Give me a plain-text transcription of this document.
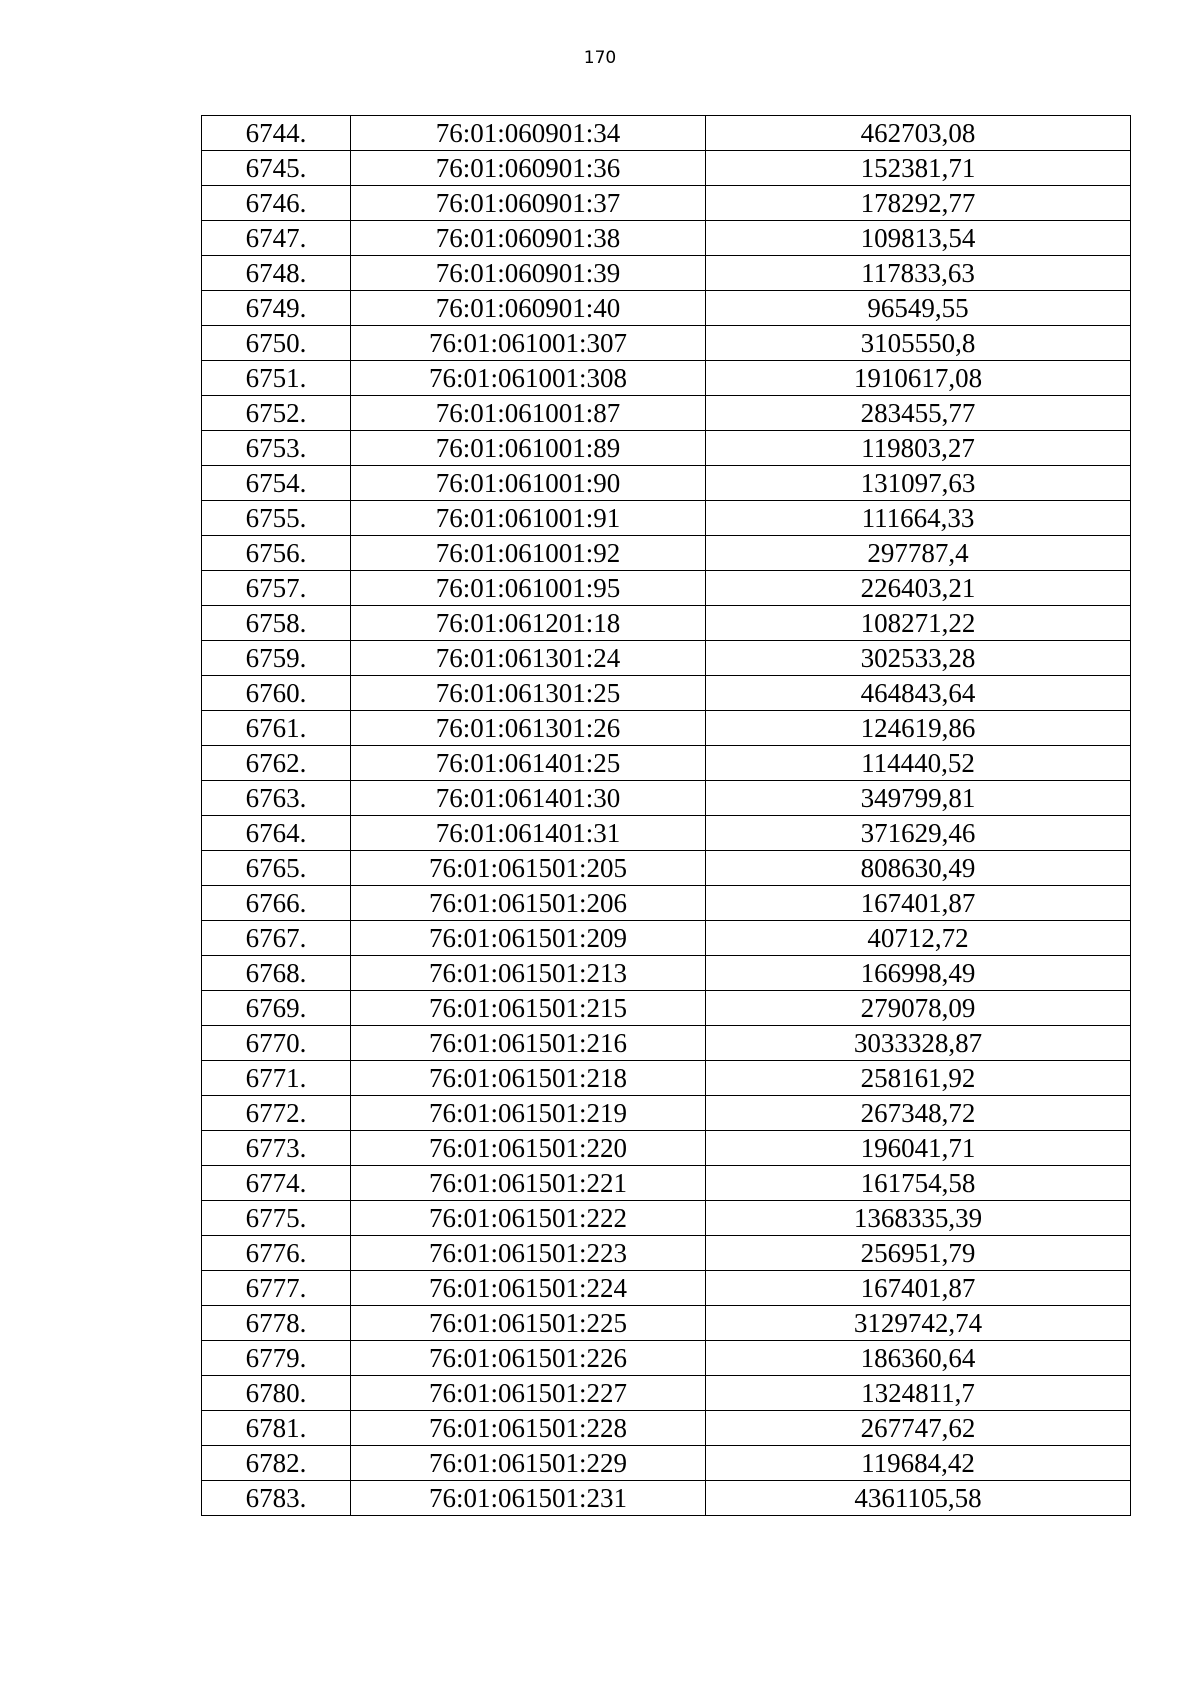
170
6744.	76:01:060901:34	462703,08
6745.	76:01:060901:36	152381,71
6746.	76:01:060901:37	178292,77
6747.	76:01:060901:38	109813,54
6748.	76:01:060901:39	117833,63
6749.	76:01:060901:40	96549,55
6750.	76:01:061001:307	3105550,8
6751.	76:01:061001:308	1910617,08
6752.	76:01:061001:87	283455,77
6753.	76:01:061001:89	119803,27
6754.	76:01:061001:90	131097,63
6755.	76:01:061001:91	111664,33
6756.	76:01:061001:92	297787,4
6757.	76:01:061001:95	226403,21
6758.	76:01:061201:18	108271,22
6759.	76:01:061301:24	302533,28
6760.	76:01:061301:25	464843,64
6761.	76:01:061301:26	124619,86
6762.	76:01:061401:25	114440,52
6763.	76:01:061401:30	349799,81
6764.	76:01:061401:31	371629,46
6765.	76:01:061501:205	808630,49
6766.	76:01:061501:206	167401,87
6767.	76:01:061501:209	40712,72
6768.	76:01:061501:213	166998,49
6769.	76:01:061501:215	279078,09
6770.	76:01:061501:216	3033328,87
6771.	76:01:061501:218	258161,92
6772.	76:01:061501:219	267348,72
6773.	76:01:061501:220	196041,71
6774.	76:01:061501:221	161754,58
6775.	76:01:061501:222	1368335,39
6776.	76:01:061501:223	256951,79
6777.	76:01:061501:224	167401,87
6778.	76:01:061501:225	3129742,74
6779.	76:01:061501:226	186360,64
6780.	76:01:061501:227	1324811,7
6781.	76:01:061501:228	267747,62
6782.	76:01:061501:229	119684,42
6783.	76:01:061501:231	4361105,58
